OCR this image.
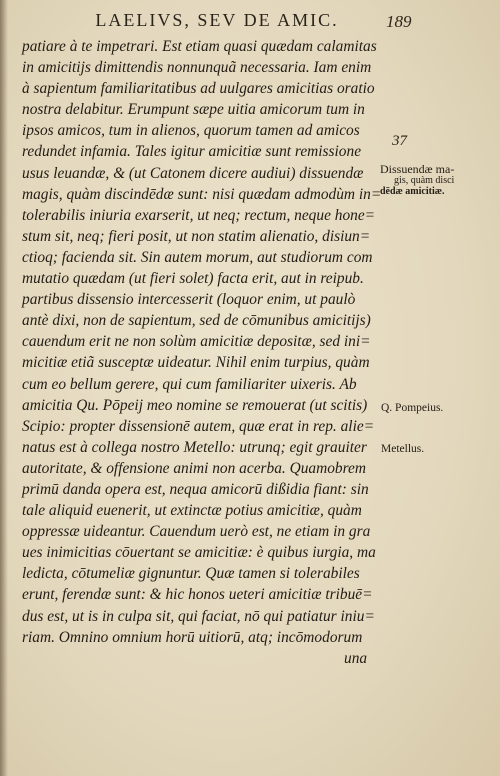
LAELIVS, SEV DE AMIC.	189
37
Dissuendæ ma-
gis, quàm disci
dēdæ amicitiæ.
Q. Pompeius.
Metellus.
patiare à te impetrari. Est etiam quasi quædam calamitas
in amicitijs dimittendis nonnunquã necessaria. Iam enim
à sapientum familiaritatibus ad uulgares amicitias oratio
nostra delabitur. Erumpunt sæpe uitia amicorum tum in
ipsos amicos, tum in alienos, quorum tamen ad amicos
redundet infamia. Tales igitur amicitiæ sunt remissione
usus leuandæ, & (ut Catonem dicere audiui) dissuendæ
magis, quàm discindēdæ sunt: nisi quædam admodùm in=
tolerabilis iniuria exarserit, ut neq; rectum, neque hone=
stum sit, neq; fieri posit, ut non statim alienatio, disiun=
ctioq; facienda sit. Sin autem morum, aut studiorum com
mutatio quædam (ut fieri solet) facta erit, aut in reipub.
partibus dissensio intercesserit (loquor enim, ut paulò
antè dixi, non de sapientum, sed de cōmunibus amicitijs)
cauendum erit ne non solùm amicitiæ depositæ, sed ini=
micitiæ etiã susceptæ uideatur. Nihil enim turpius, quàm
cum eo bellum gerere, qui cum familiariter uixeris. Ab
amicitia Qu. Pōpeij meo nomine se remouerat (ut scitis)
Scipio: propter dissensionē autem, quæ erat in rep. alie=
natus est à collega nostro Metello: utrunq; egit grauiter
autoritate, & offensione animi non acerba. Quamobrem
primū danda opera est, nequa amicorū dißidia fiant: sin
tale aliquid euenerit, ut extinctæ potius amicitiæ, quàm
oppressæ uideantur. Cauendum uerò est, ne etiam in gra
ues inimicitias cōuertant se amicitiæ: è quibus iurgia, ma
ledicta, cōtumeliæ gignuntur. Quæ tamen si tolerabiles
erunt, ferendæ sunt: & hic honos ueteri amicitiæ tribuē=
dus est, ut is in culpa sit, qui faciat, nō qui patiatur iniu=
riam. Omnino omnium horū uitiorū, atq; incōmodorum
una
